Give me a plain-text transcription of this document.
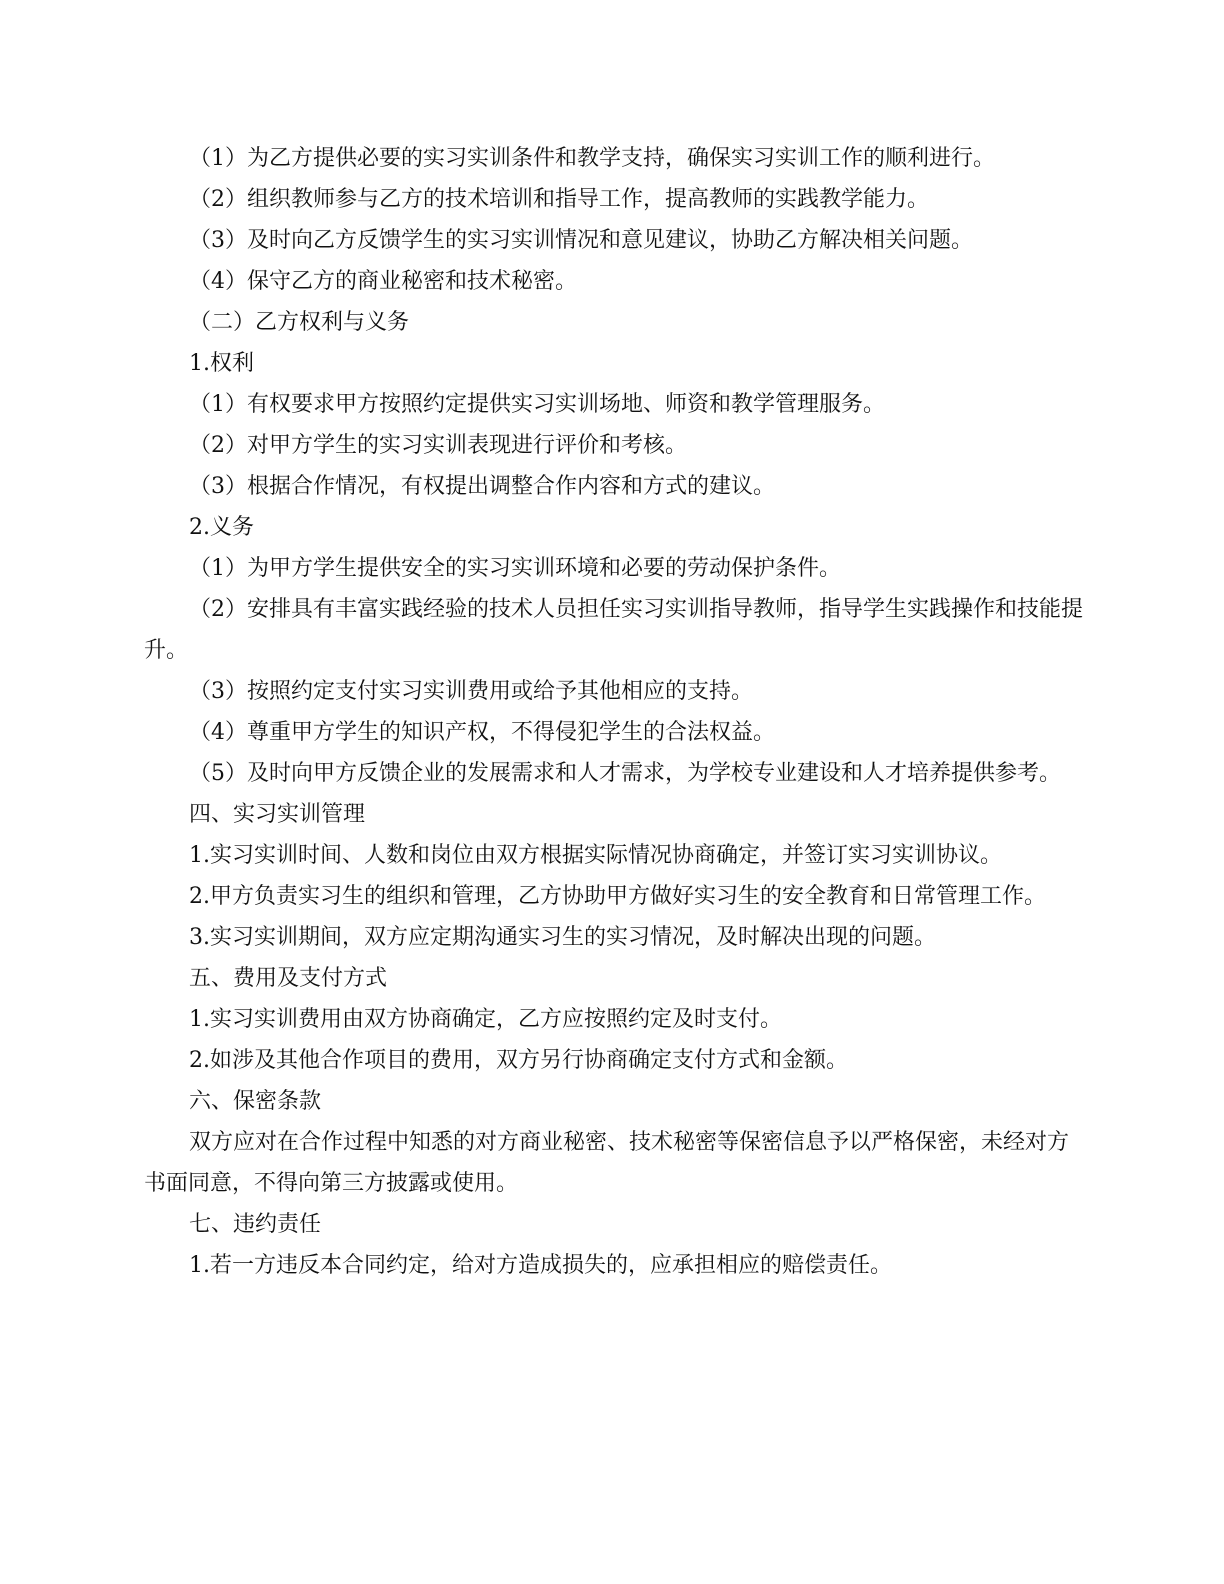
（1）为乙方提供必要的实习实训条件和教学支持，确保实习实训工作的顺利进行。

（2）组织教师参与乙方的技术培训和指导工作，提高教师的实践教学能力。

（3）及时向乙方反馈学生的实习实训情况和意见建议，协助乙方解决相关问题。

（4）保守乙方的商业秘密和技术秘密。

（二）乙方权利与义务

1.权利

（1）有权要求甲方按照约定提供实习实训场地、师资和教学管理服务。

（2）对甲方学生的实习实训表现进行评价和考核。

（3）根据合作情况，有权提出调整合作内容和方式的建议。

2.义务

（1）为甲方学生提供安全的实习实训环境和必要的劳动保护条件。

（2）安排具有丰富实践经验的技术人员担任实习实训指导教师，指导学生实践操作和技能提升。

（3）按照约定支付实习实训费用或给予其他相应的支持。

（4）尊重甲方学生的知识产权，不得侵犯学生的合法权益。

（5）及时向甲方反馈企业的发展需求和人才需求，为学校专业建设和人才培养提供参考。

四、实习实训管理

1.实习实训时间、人数和岗位由双方根据实际情况协商确定，并签订实习实训协议。

2.甲方负责实习生的组织和管理，乙方协助甲方做好实习生的安全教育和日常管理工作。

3.实习实训期间，双方应定期沟通实习生的实习情况，及时解决出现的问题。

五、费用及支付方式

1.实习实训费用由双方协商确定，乙方应按照约定及时支付。

2.如涉及其他合作项目的费用，双方另行协商确定支付方式和金额。

六、保密条款

双方应对在合作过程中知悉的对方商业秘密、技术秘密等保密信息予以严格保密，未经对方书面同意，不得向第三方披露或使用。

七、违约责任

1.若一方违反本合同约定，给对方造成损失的，应承担相应的赔偿责任。
